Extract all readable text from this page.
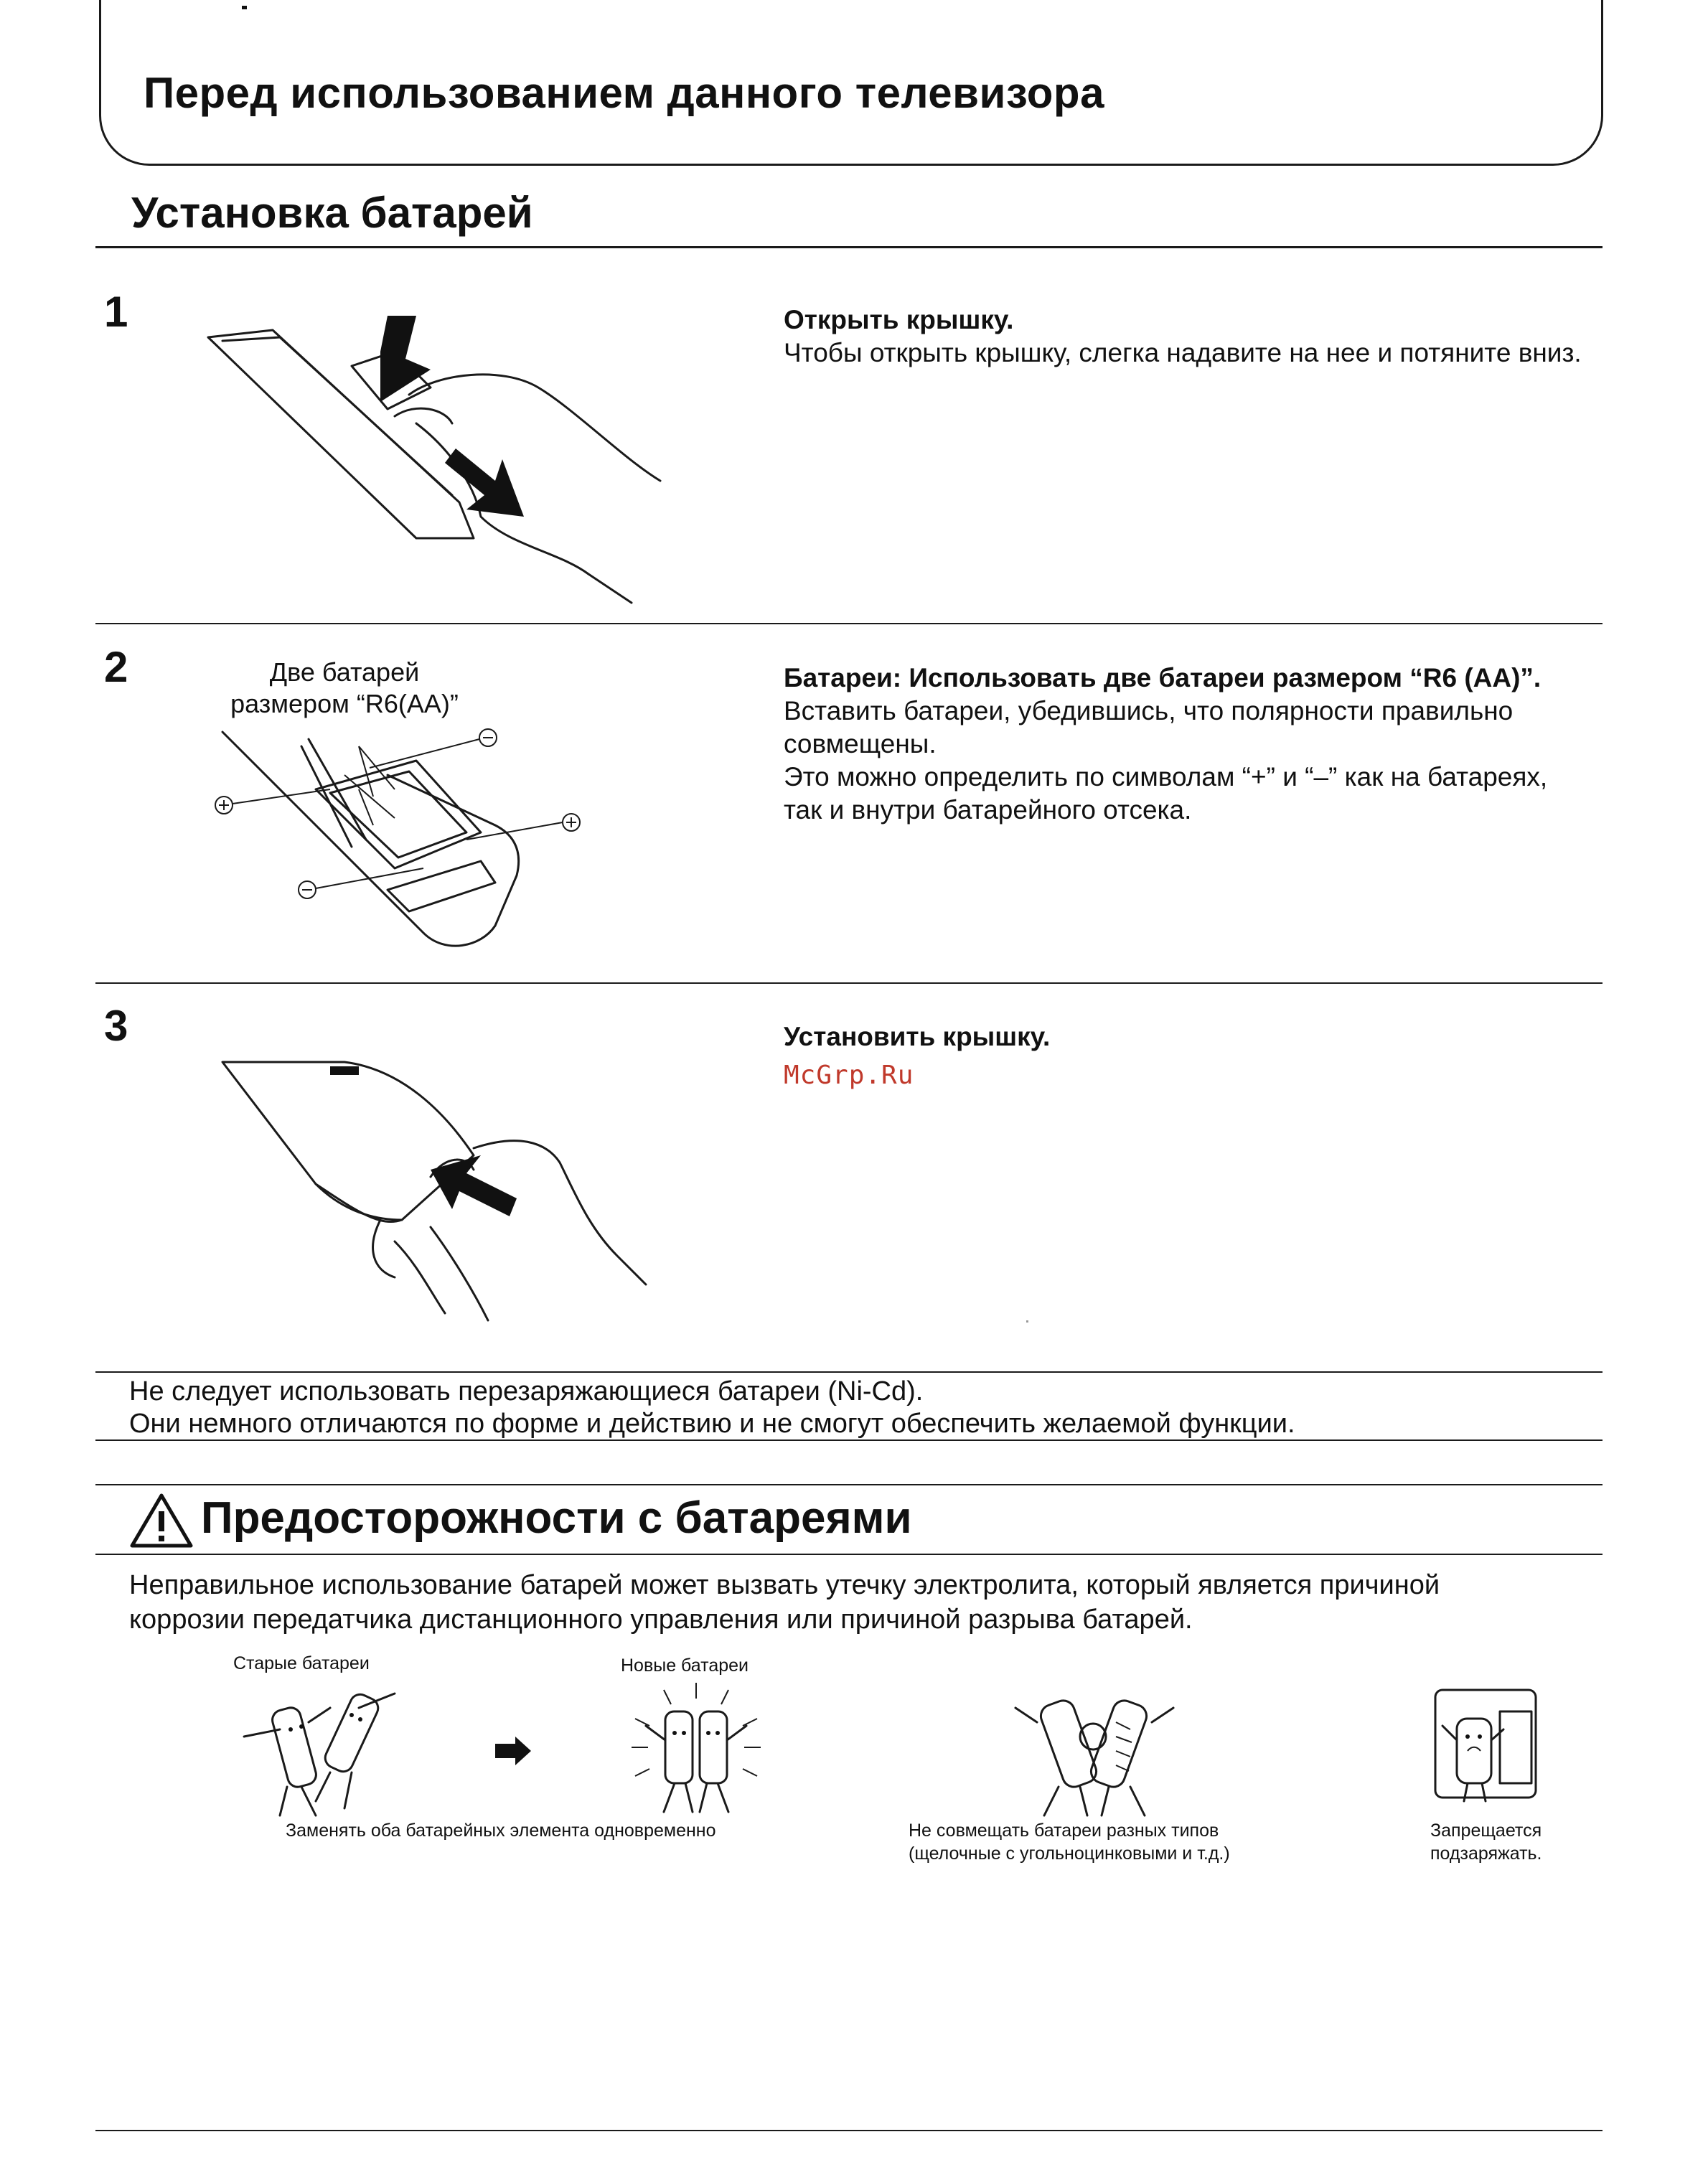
Перед использованием данного телевизора
Установка батарей
1	Открыть крышку.
Чтобы открыть крышку, слегка надавите на нее и потяните вниз.
2	Две батарей
размером “R6(AA)”
Батареи: Использовать две батареи размером “R6 (AA)”.
Вставить батареи, убедившись, что полярности правильно совмещены.
Это можно определить по символам “+” и “–” как на батареях, так и внутри батарейного отсека.
3	Установить крышку.
McGrp.Ru
Не следует использовать перезаряжающиеся батареи (Ni-Cd).
Они немного отличаются по форме и действию и не смогут обеспечить желаемой функции.
Предосторожности с батареями
Неправильное использование батарей может вызвать утечку электролита, который является причиной
коррозии передатчика дистанционного управления или причиной разрыва батарей.
Старые батареи	Новые батареи
Заменять оба батарейных элемента одновременно	Не совмещать батареи разных типов
(щелочные с угольноцинковыми и т.д.)
Запрещается
подзаряжать.
